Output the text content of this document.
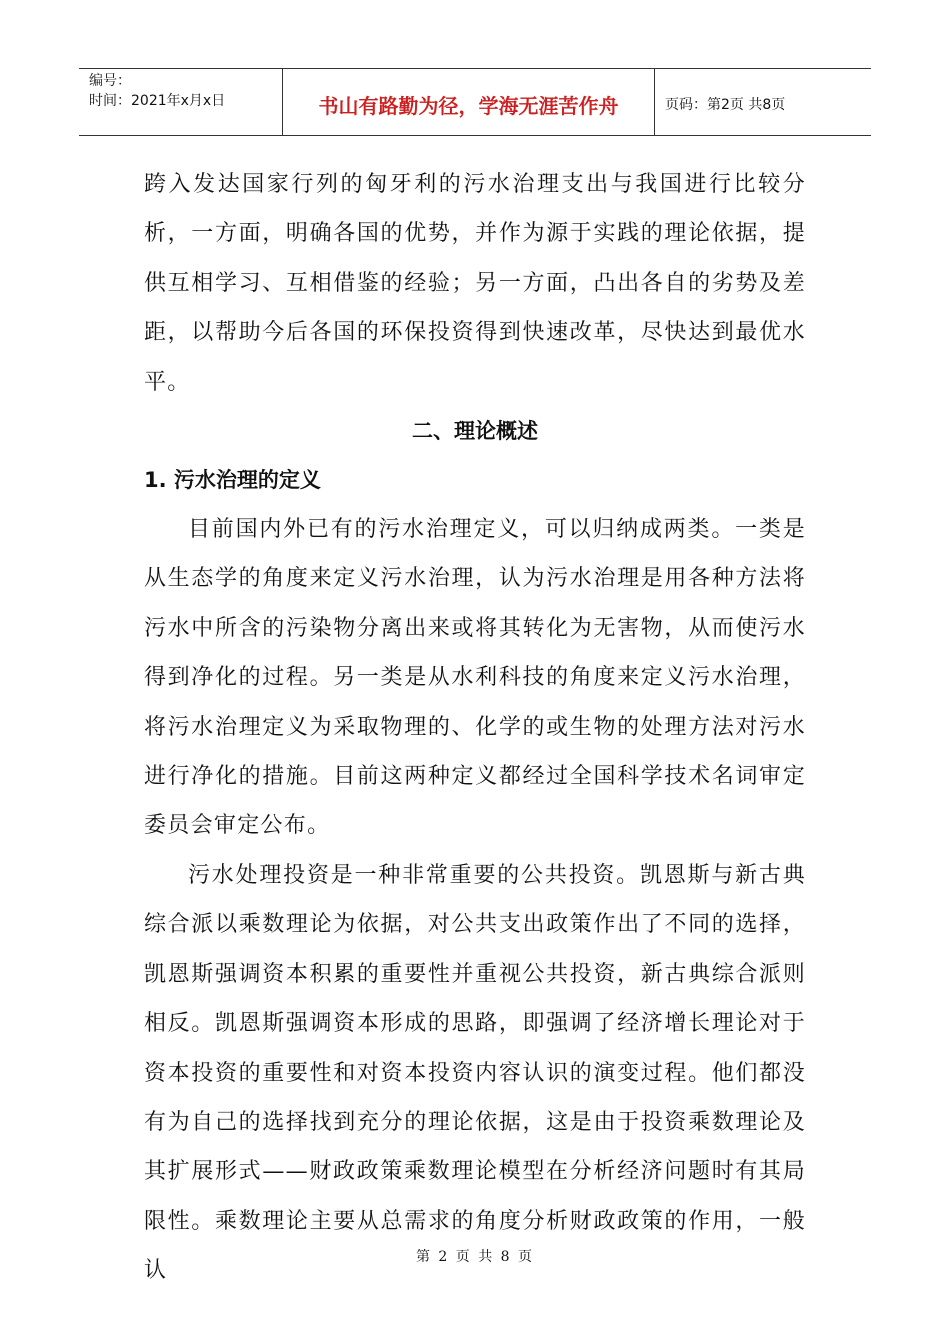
编号：
时间：2021年x月x日	书山有路勤为径，学海无涯苦作舟	页码：第2页 共8页

跨入发达国家行列的匈牙利的污水治理支出与我国进行比较分析，一方面，明确各国的优势，并作为源于实践的理论依据，提供互相学习、互相借鉴的经验；另一方面，凸出各自的劣势及差距，以帮助今后各国的环保投资得到快速改革，尽快达到最优水平。

二、理论概述

1. 污水治理的定义

目前国内外已有的污水治理定义，可以归纳成两类。一类是从生态学的角度来定义污水治理，认为污水治理是用各种方法将污水中所含的污染物分离出来或将其转化为无害物，从而使污水得到净化的过程。另一类是从水利科技的角度来定义污水治理，将污水治理定义为采取物理的、化学的或生物的处理方法对污水进行净化的措施。目前这两种定义都经过全国科学技术名词审定委员会审定公布。

污水处理投资是一种非常重要的公共投资。凯恩斯与新古典综合派以乘数理论为依据，对公共支出政策作出了不同的选择，凯恩斯强调资本积累的重要性并重视公共投资，新古典综合派则相反。凯恩斯强调资本形成的思路，即强调了经济增长理论对于资本投资的重要性和对资本投资内容认识的演变过程。他们都没有为自己的选择找到充分的理论依据，这是由于投资乘数理论及其扩展形式——财政政策乘数理论模型在分析经济问题时有其局限性。乘数理论主要从总需求的角度分析财政政策的作用，一般认

第 2 页 共 8 页
